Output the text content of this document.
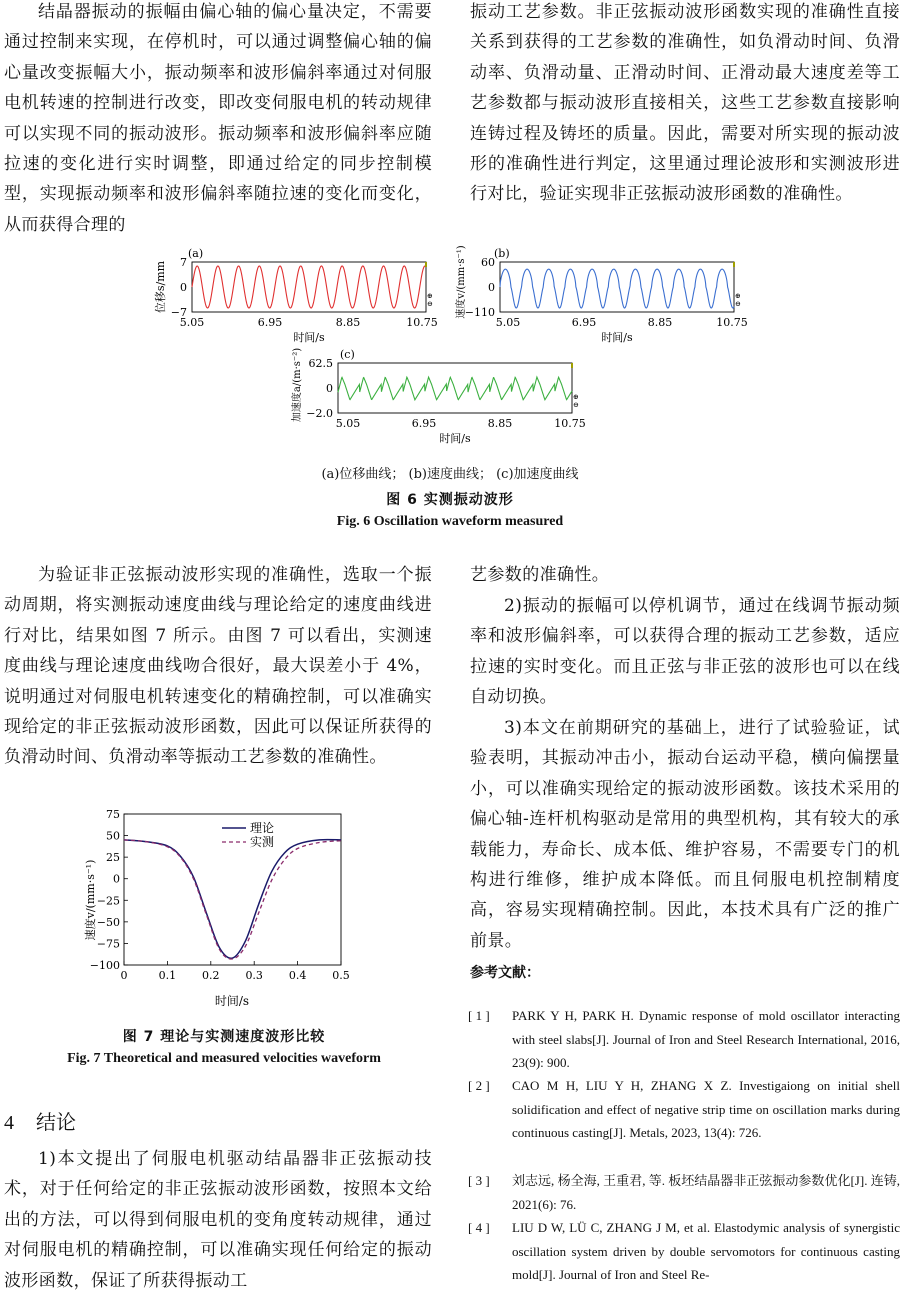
结晶器振动的振幅由偏心轴的偏心量决定，不需要通过控制来实现，在停机时，可以通过调整偏心轴的偏心量改变振幅大小，振动频率和波形偏斜率通过对伺服电机转速的控制进行改变，即改变伺服电机的转动规律可以实现不同的振动波形。振动频率和波形偏斜率应随拉速的变化进行实时调整，即通过给定的同步控制模型，实现振动频率和波形偏斜率随拉速的变化而变化，从而获得合理的

振动工艺参数。非正弦振动波形函数实现的准确性直接关系到获得的工艺参数的准确性，如负滑动时间、负滑动率、负滑动量、正滑动时间、正滑动最大速度差等工艺参数都与振动波形直接相关，这些工艺参数直接影响连铸过程及铸坯的质量。因此，需要对所实现的振动波形的准确性进行判定，这里通过理论波形和实测波形进行对比，验证实现非正弦振动波形函数的准确性。

(a)
⊕
⊖
7
0
−7
5.05	6.95	8.85	10.75
时间/s
位移s/mm
(b)
⊕
⊖
60
0
−110
5.05	6.95	8.85	10.75
时间/s
速度v/(mm·s⁻¹)
(c)
⊕
⊖
62.5
0
−2.0
5.05	6.95	8.85	10.75
时间/s
加速度a/(m·s⁻²)
(a)位移曲线； (b)速度曲线； (c)加速度曲线
图 6 实测振动波形
Fig. 6 Oscillation waveform measured

为验证非正弦振动波形实现的准确性，选取一个振动周期，将实测振动速度曲线与理论给定的速度曲线进行对比，结果如图 7 所示。由图 7 可以看出，实测速度曲线与理论速度曲线吻合很好，最大误差小于 4%，说明通过对伺服电机转速变化的精确控制，可以准确实现给定的非正弦振动波形函数，因此可以保证所获得的负滑动时间、负滑动率等振动工艺参数的准确性。

75
50
25
0
−25
−50
−75
−100
0	0.1 0.2 0.3 0.4 0.5
理论
实测
时间/s
速度v/(mm·s⁻¹)
图 7 理论与实测速度波形比较
Fig. 7 Theoretical and measured velocities waveform
4 结论

1)本文提出了伺服电机驱动结晶器非正弦振动技术，对于任何给定的非正弦振动波形函数，按照本文给出的方法，可以得到伺服电机的变角度转动规律，通过对伺服电机的精确控制，可以准确实现任何给定的振动波形函数，保证了所获得振动工

艺参数的准确性。

2)振动的振幅可以停机调节，通过在线调节振动频率和波形偏斜率，可以获得合理的振动工艺参数，适应拉速的实时变化。而且正弦与非正弦的波形也可以在线自动切换。

3)本文在前期研究的基础上，进行了试验验证，试验表明，其振动冲击小，振动台运动平稳，横向偏摆量小，可以准确实现给定的振动波形函数。该技术采用的偏心轴-连杆机构驱动是常用的典型机构，其有较大的承载能力，寿命长、成本低、维护容易，不需要专门的机构进行维修，维护成本降低。而且伺服电机控制精度高，容易实现精确控制。因此，本技术具有广泛的推广前景。

参考文献：
[ 1 ] PARK Y H, PARK H. Dynamic response of mold oscillator interacting with steel slabs[J]. Journal of Iron and Steel Research International, 2016, 23(9): 900.
[ 2 ] CAO M H, LIU Y H, ZHANG X Z. Investigaiong on initial shell solidification and effect of negative strip time on oscillation marks during continuous casting[J]. Metals, 2023, 13(4): 726.
[ 3 ] 刘志远, 杨全海, 王重君, 等. 板坯结晶器非正弦振动参数优化[J]. 连铸, 2021(6): 76.
[ 4 ] LIU D W, LÜ C, ZHANG J M, et al. Elastodymic analysis of synergistic oscillation system driven by double servomotors for continuous casting mold[J]. Journal of Iron and Steel Re-
